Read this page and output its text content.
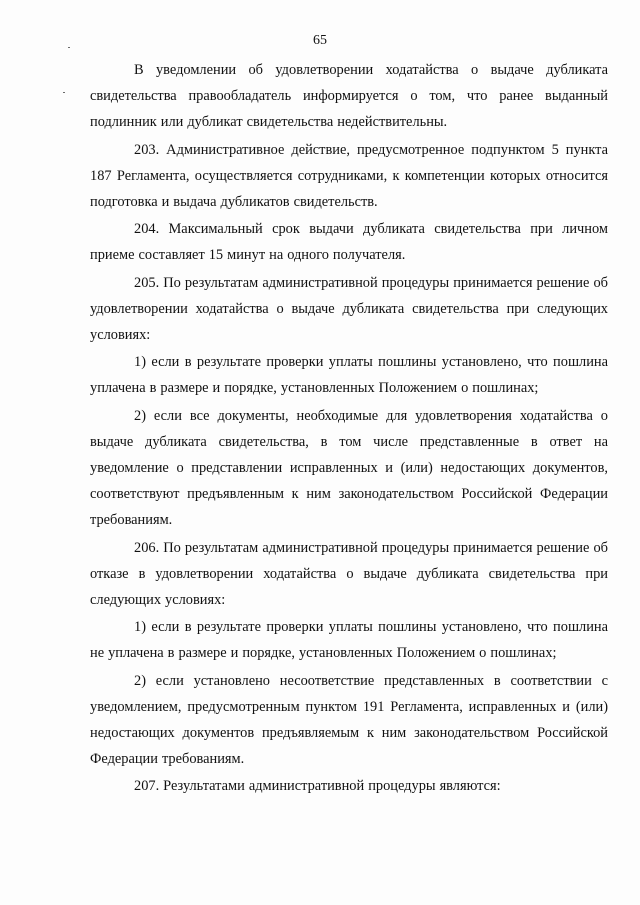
65

В уведомлении об удовлетворении ходатайства о выдаче дубликата свидетельства правообладатель информируется о том, что ранее выданный подлинник или дубликат свидетельства недействительны.

203. Административное действие, предусмотренное подпунктом 5 пункта 187 Регламента, осуществляется сотрудниками, к компетенции которых относится подготовка и выдача дубликатов свидетельств.

204. Максимальный срок выдачи дубликата свидетельства при личном приеме составляет 15 минут на одного получателя.

205. По результатам административной процедуры принимается решение об удовлетворении ходатайства о выдаче дубликата свидетельства при следующих условиях:

1) если в результате проверки уплаты пошлины установлено, что пошлина уплачена в размере и порядке, установленных Положением о пошлинах;

2) если все документы, необходимые для удовлетворения ходатайства о выдаче дубликата свидетельства, в том числе представленные в ответ на уведомление о представлении исправленных и (или) недостающих документов, соответствуют предъявленным к ним законодательством Российской Федерации требованиям.

206. По результатам административной процедуры принимается решение об отказе в удовлетворении ходатайства о выдаче дубликата свидетельства при следующих условиях:

1) если в результате проверки уплаты пошлины установлено, что пошлина не уплачена в размере и порядке, установленных Положением о пошлинах;

2) если установлено несоответствие представленных в соответствии с уведомлением, предусмотренным пунктом 191 Регламента, исправленных и (или) недостающих документов предъявляемым к ним законодательством Российской Федерации требованиям.

207. Результатами административной процедуры являются:
